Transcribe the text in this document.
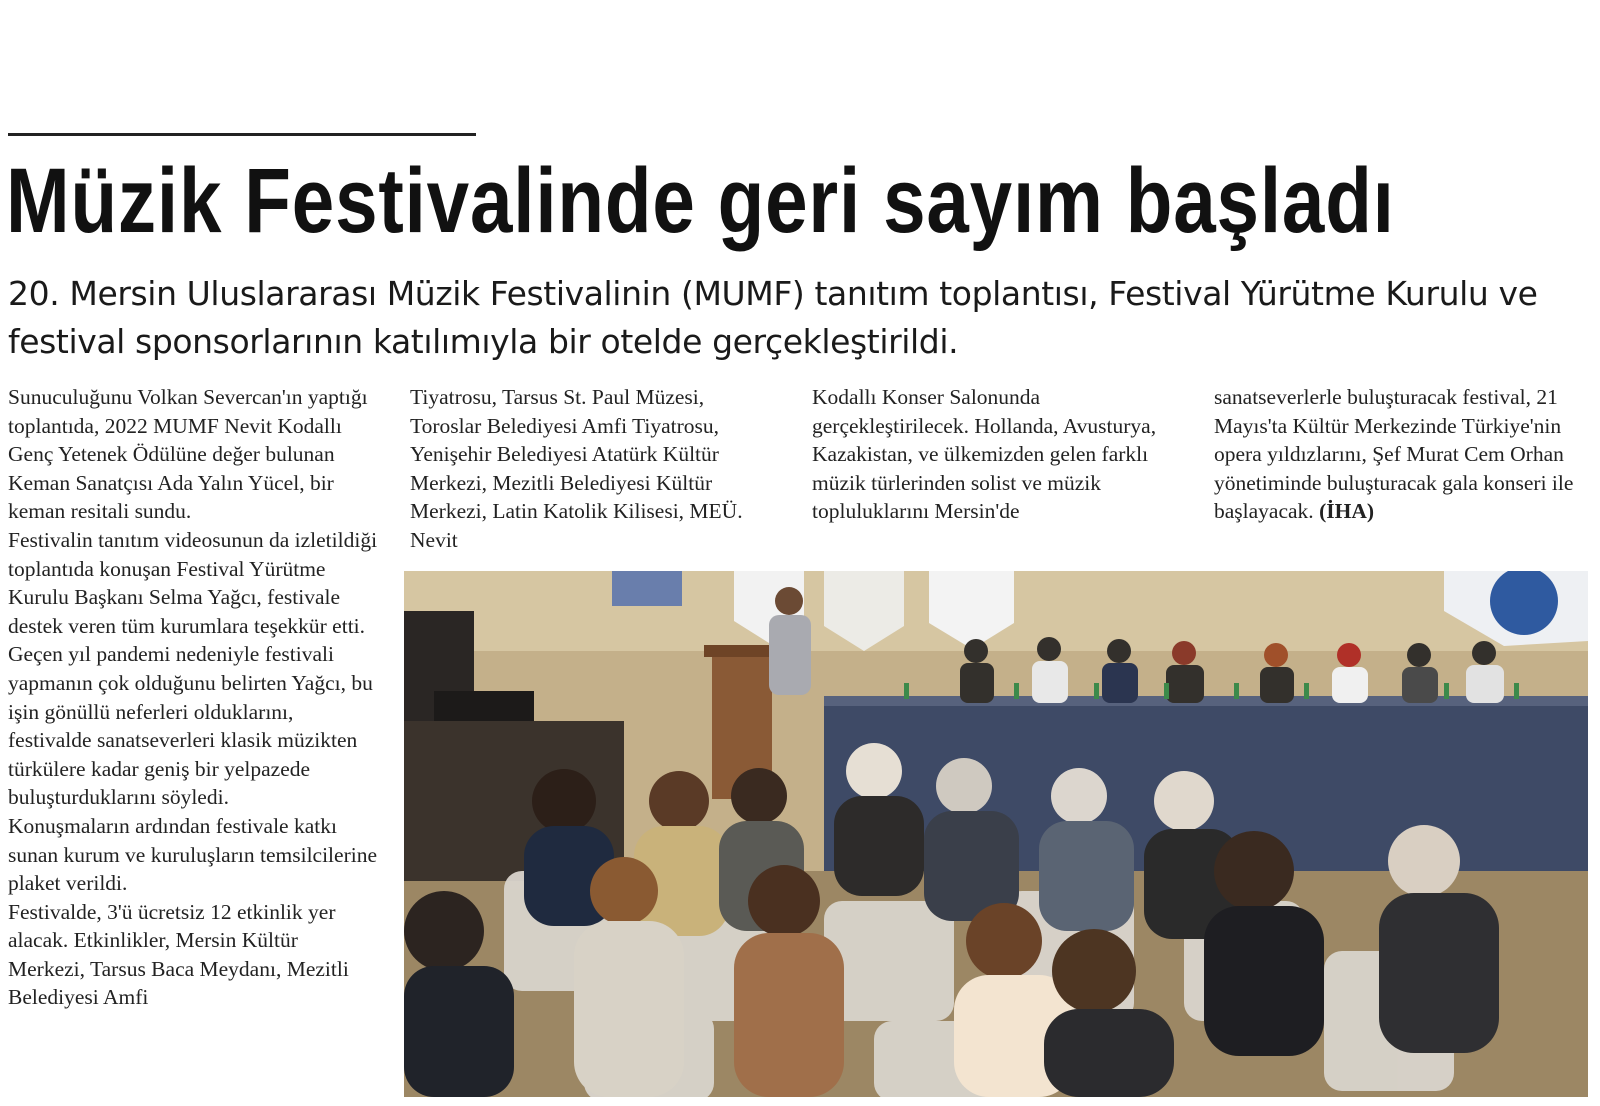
Müzik Festivalinde geri sayım başladı

20. Mersin Uluslararası Müzik Festivalinin (MUMF) tanıtım toplantısı, Festival Yürütme Kurulu ve festival sponsorlarının katılımıyla bir otelde gerçekleştirildi.

Sunuculuğunu Volkan Severcan'ın yaptığı toplantıda, 2022 MUMF Nevit Kodallı Genç Yetenek Ödülüne değer bulunan Keman Sanatçısı Ada Yalın Yücel, bir keman resitali sundu.

Festivalin tanıtım videosunun da izletildiği toplantıda konuşan Festival Yürütme Kurulu Başkanı Selma Yağcı, festivale destek veren tüm kurumlara teşekkür etti. Geçen yıl pandemi nedeniyle festivali yapmanın çok olduğunu belirten Yağcı, bu işin gönüllü neferleri olduklarını, festivalde sanatseverleri klasik müzikten türkülere kadar geniş bir yelpazede buluşturduklarını söyledi.

Konuşmaların ardından festivale katkı sunan kurum ve kuruluşların temsilcilerine plaket verildi.

Festivalde, 3'ü ücretsiz 12 etkinlik yer alacak. Etkinlikler, Mersin Kültür Merkezi, Tarsus Baca Meydanı, Mezitli Belediyesi Amfi

Tiyatrosu, Tarsus St. Paul Müzesi, Toroslar Belediyesi Amfi Tiyatrosu, Yenişehir Belediyesi Atatürk Kültür Merkezi, Mezitli Belediyesi Kültür Merkezi, Latin Katolik Kilisesi, MEÜ. Nevit

Kodallı Konser Salonunda gerçekleştirilecek. Hollanda, Avusturya, Kazakistan, ve ülkemizden gelen farklı müzik türlerinden solist ve müzik topluluklarını Mersin'de

sanatseverlerle buluşturacak festival, 21 Mayıs'ta Kültür Merkezinde Türkiye'nin opera yıldızlarını, Şef Murat Cem Orhan yönetiminde buluşturacak gala konseri ile başlayacak. (İHA)
